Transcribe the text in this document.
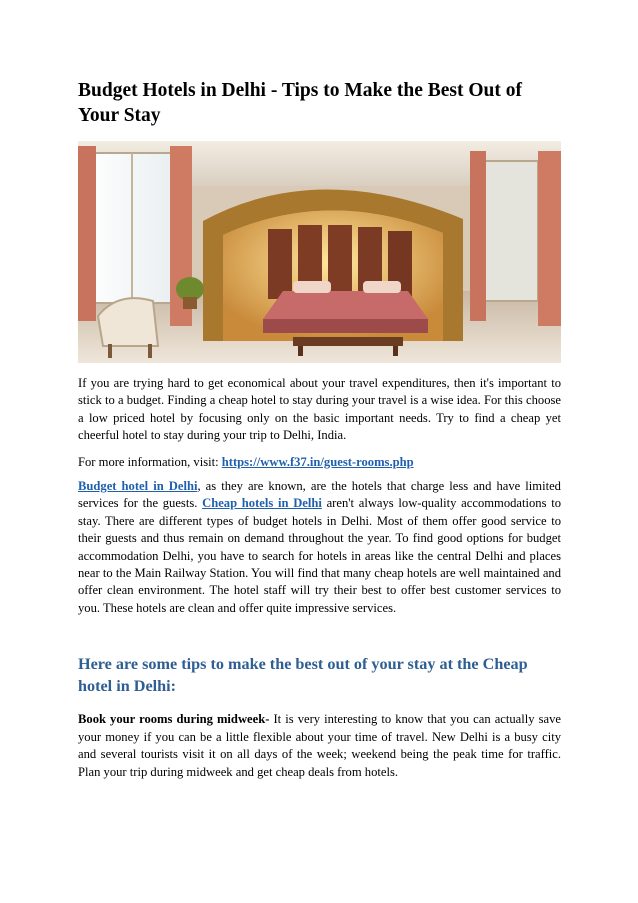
Budget Hotels in Delhi - Tips to Make the Best Out of Your Stay

If you are trying hard to get economical about your travel expenditures, then it's important to stick to a budget. Finding a cheap hotel to stay during your travel is a wise idea. For this choose a low priced hotel by focusing only on the basic important needs. Try to find a cheap yet cheerful hotel to stay during your trip to Delhi, India.

For more information, visit: https://www.f37.in/guest-rooms.php

Budget hotel in Delhi, as they are known, are the hotels that charge less and have limited services for the guests. Cheap hotels in Delhi aren't always low-quality accommodations to stay. There are different types of budget hotels in Delhi. Most of them offer good service to their guests and thus remain on demand throughout the year. To find good options for budget accommodation Delhi, you have to search for hotels in areas like the central Delhi and places near to the Main Railway Station. You will find that many cheap hotels are well maintained and offer clean environment. The hotel staff will try their best to offer best customer services to you. These hotels are clean and offer quite impressive services.

Here are some tips to make the best out of your stay at the Cheap hotel in Delhi:

Book your rooms during midweek- It is very interesting to know that you can actually save your money if you can be a little flexible about your time of travel. New Delhi is a busy city and several tourists visit it on all days of the week; weekend being the peak time for traffic. Plan your trip during midweek and get cheap deals from hotels.
